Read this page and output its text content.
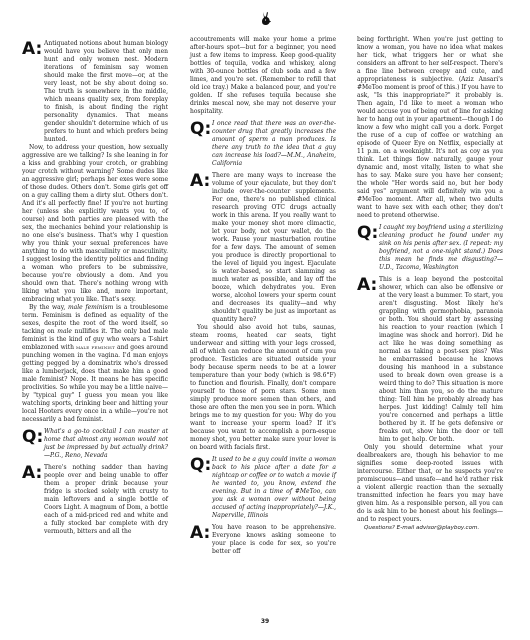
A: Antiquated notions about human biology would have you believe that only men hunt and only women nest. Modern iterations of feminism say women should make the first move—or, at the very least, not be shy about doing so. The truth is somewhere in the middle, which means quality sex, from foreplay to finish, is about finding the right personality dynamics. That means gender shouldn't determine which of us prefers to hunt and which prefers being hunted.

Now, to address your question, how sexually aggressive are we talking? Is she leaning in for a kiss and grabbing your crotch, or grabbing your crotch without warning? Some dudes like an aggressive girl; perhaps her exes were some of those dudes. Others don't. Some girls get off on a guy calling them a dirty slut. Others don't. And it's all perfectly fine! If you're not hurting her (unless she explicitly wants you to, of course) and both parties are pleased with the sex, the mechanics behind your relationship is no one else's business. That's why I question why you think your sexual preferences have anything to do with masculinity or masculinity. I suggest losing the identity politics and finding a woman who prefers to be submissive, because you're obviously a dom. And you should own that. There's nothing wrong with liking what you like and, more important, embracing what you like. That's sexy.

By the way, male feminism is a troublesome term. Feminism is defined as equality of the sexes, despite the root of the word itself, so tacking on male nullifies it. The only bad male feminist is the kind of guy who wears a T-shirt emblazoned with male feminist and goes around punching women in the vagina. I'd man enjoys getting pegged by a dominatrix who's dressed like a lumberjack, does that make him a good male feminist? Nope. It means he has specific proclivities. So while you may be a little naive—by "typical guy" I guess you mean you like watching sports, drinking beer and hitting your local Hooters every once in a while—you're not necessarily a bad feminist.

Q: What's a go-to cocktail I can master at home that almost any woman would not just be impressed by but actually drink?—P.G., Reno, Nevada

A: There's nothing sadder than having people over and being unable to offer them a proper drink because your fridge is stocked solely with crusty to main leftovers and a single bottle of Coors Light. A magnum of Dom, a bottle each of a mid-priced red and white and a fully stocked bar complete with dry vermouth, bitters and all the

accoutrements will make your home a prime after-hours spot—but for a beginner, you need just a few items to impress. Keep good-quality bottles of tequila, vodka and whiskey, along with 30-ounce bottles of club soda and a few limes, and you're set. (Remember to refill that old ice tray.) Make a balanced pour, and you're golden. If she refuses tequila because she drinks mescal now, she may not deserve your hospitality.

Q: I once read that there was an over-the-counter drug that greatly increases the amount of sperm a man produces. Is there any truth to the idea that a guy can increase his load?—M.M., Anaheim, California

A: There are many ways to increase the volume of your ejaculate, but they don't include over-the-counter supplements. For one, there's no published clinical research proving OTC drugs actually work in this arena. If you really want to make your money shot more climactic, let your body, not your wallet, do the work. Pause your masturbation routine for a few days. The amount of semen you produce is directly proportional to the level of liquid you ingest. Ejaculate is water-based, so start slamming as much water as possible, and lay off the booze, which dehydrates you. Even worse, alcohol lowers your sperm count and decreases its quality—and why shouldn't quality be just as important as quantity here?

You should also avoid hot tubs, saunas, steam rooms, heated car seats, tight underwear and sitting with your legs crossed, all of which can reduce the amount of cum you produce. Testicles are situated outside your body because sperm needs to be at a lower temperature than your body (which is 98.6°F) to function and flourish. Finally, don't compare yourself to those of porn stars. Some men simply produce more semen than others, and those are often the men you see in porn. Which brings me to my question for you: Why do you want to increase your sperm load? If it's because you want to accomplish a porn-esque money shot, you better make sure your lover is on board with facials first.

Q: It used to be a guy could invite a woman back to his place after a date for a nightcap or coffee or to watch a movie if he wanted to, you know, extend the evening. But in a time of #MeToo, can you ask a woman over without being accused of acting inappropriately?—J.K., Naperville, Illinois

A: You have reason to be apprehensive. Everyone knows asking someone to your place is code for sex, so you're better off

being forthright. When you're just getting to know a woman, you have no idea what makes her tick, what triggers her or what she considers an affront to her self-respect. There's a fine line between creepy and cute, and appropriateness is subjective. (Aziz Ansari's #MeToo moment is proof of this.) If you have to ask, "Is this inappropriate?" it probably is. Then again, I'd like to meet a woman who would accuse you of being out of line for asking her to hang out in your apartment—though I do know a few who might call you a dork. Forget the ruse of a cup of coffee or watching an episode of Queer Eye on Netflix, especially at 11 p.m. on a weeknight. It's not as coy as you think. Let things flow naturally, gauge your dynamic and, most vitally, listen to what she has to say. Make sure you have her consent; the whole "Her words said no, but her body said yes" argument will definitely win you a #MeToo moment. After all, when two adults want to have sex with each other, they don't need to pretend otherwise.

Q: I caught my boyfriend using a sterilizing cleaning product he found under my sink on his penis after sex. (I repeat: my boyfriend, not a one-night stand.) Does this mean he finds me disgusting?—U.D., Tacoma, Washington

A: This is a leap beyond the postcoital shower, which can also be offensive or at the very least a bummer. To start, you aren't disgusting. Most likely he's grappling with germophobia, paranoia or both. You should start by assessing his reaction to your reaction (which I imagine was shock and horror). Did he act like he was doing something as normal as taking a post-sex piss? Was he embarrassed because he knows dousing his manhood in a substance used to break down oven grease is a weird thing to do? This situation is more about him than you, so do the mature thing: Tell him he probably already has herpes. Just kidding! Calmly tell him you're concerned and perhaps a little bothered by it. If he gets defensive or freaks out, show him the door or tell him to get help. Or both.

Only you should determine what your dealbreakers are, though his behavior to me signifies some deep-rooted issues with intercourse. Either that, or he suspects you're promiscuous—and unsafe—and he'd rather risk a violent allergic reaction than the sexually transmitted infection he fears you may have given him. As a responsible person, all you can do is ask him to be honest about his feelings—and to respect yours.

Questions? E-mail advisor@playboy.com.

39
